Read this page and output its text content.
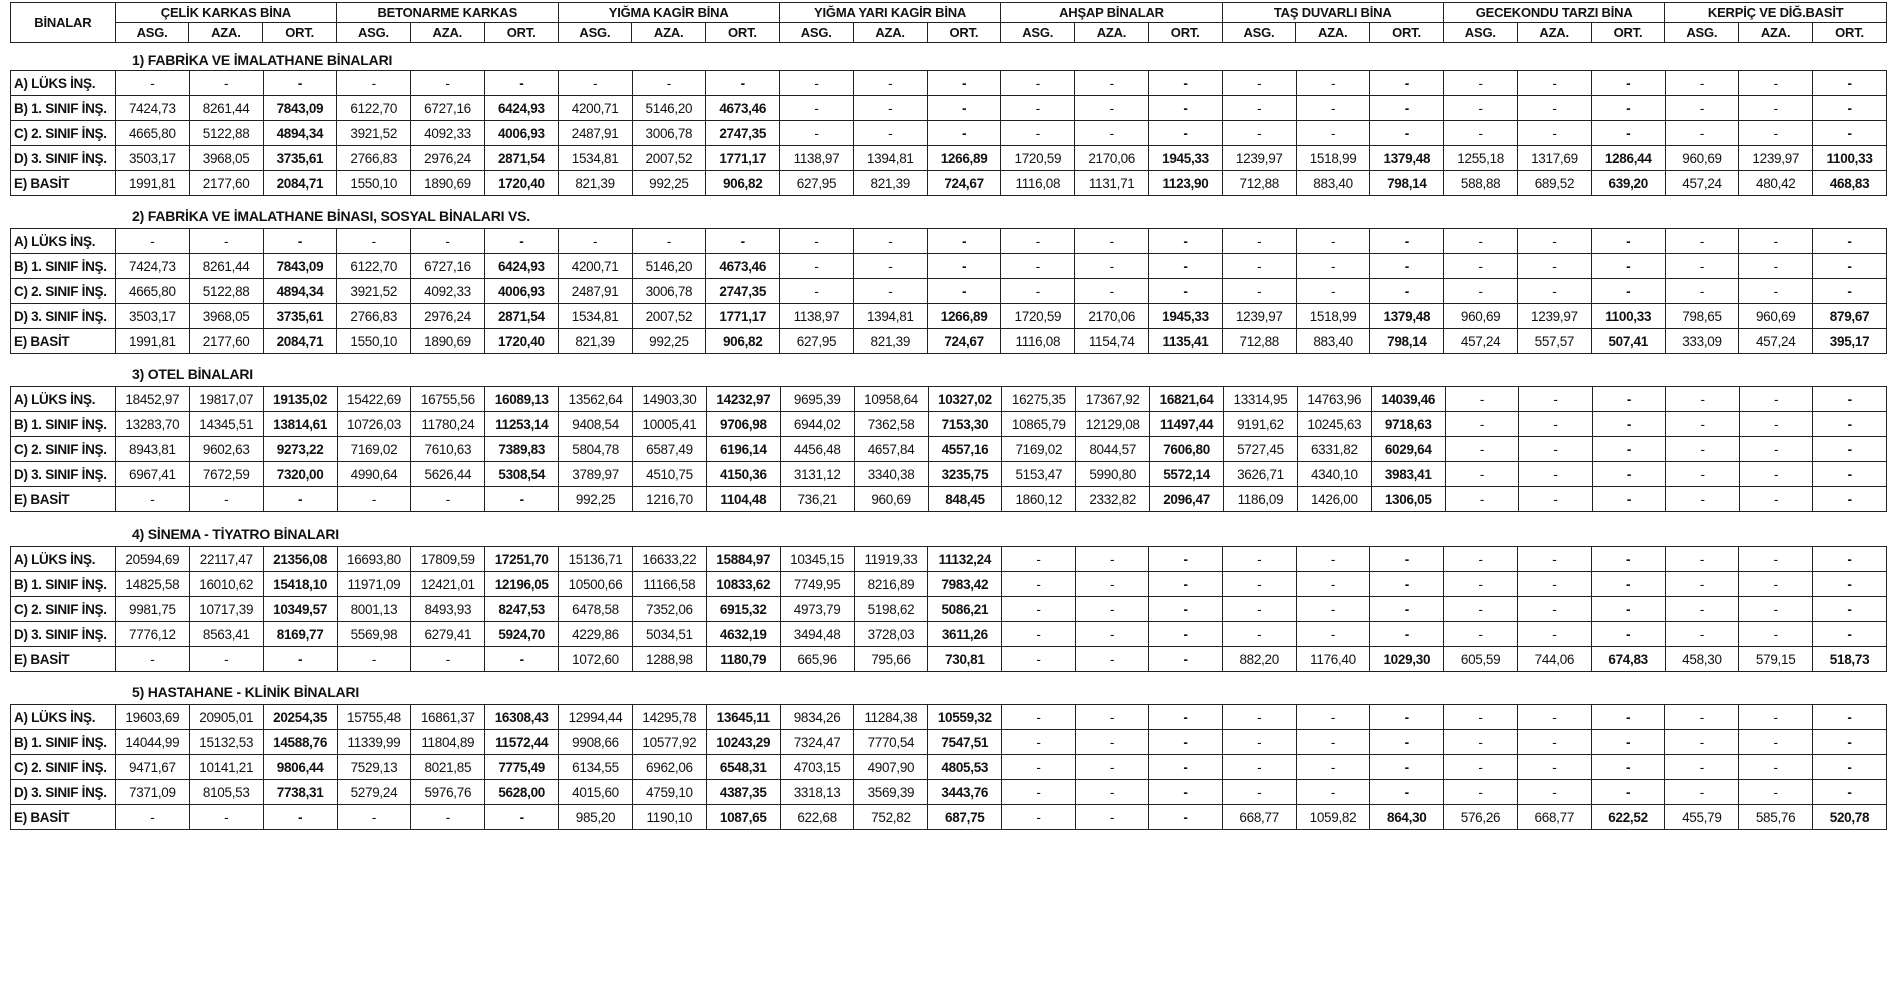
BİNALAR	ÇELİK KARKAS BİNA			BETONARME KARKAS			YIĞMA KAGİR BİNA			YIĞMA YARI KAGİR BİNA			AHŞAP BİNALAR			TAŞ DUVARLI BİNA			GECEKONDU TARZI BİNA			KERPİÇ VE DİĞ.BASİT		
	ASG.	AZA.	ORT.	ASG.	AZA.	ORT.	ASG.	AZA.	ORT.	ASG.	AZA.	ORT.	ASG.	AZA.	ORT.	ASG.	AZA.	ORT.	ASG.	AZA.	ORT.	ASG.	AZA.	ORT.
1) FABRİKA VE İMALATHANE BİNALARI
A) LÜKS İNŞ.	-	-	-	-	-	-	-	-	-	-	-	-	-	-	-	-	-	-	-	-	-	-	-	-
B) 1. SINIF İNŞ.	7424,73	8261,44	7843,09	6122,70	6727,16	6424,93	4200,71	5146,20	4673,46	-	-	-	-	-	-	-	-	-	-	-	-	-	-	-
C) 2. SINIF İNŞ.	4665,80	5122,88	4894,34	3921,52	4092,33	4006,93	2487,91	3006,78	2747,35	-	-	-	-	-	-	-	-	-	-	-	-	-	-	-
D) 3. SINIF İNŞ.	3503,17	3968,05	3735,61	2766,83	2976,24	2871,54	1534,81	2007,52	1771,17	1138,97	1394,81	1266,89	1720,59	2170,06	1945,33	1239,97	1518,99	1379,48	1255,18	1317,69	1286,44	960,69	1239,97	1100,33
E) BASİT	1991,81	2177,60	2084,71	1550,10	1890,69	1720,40	821,39	992,25	906,82	627,95	821,39	724,67	1116,08	1131,71	1123,90	712,88	883,40	798,14	588,88	689,52	639,20	457,24	480,42	468,83
2) FABRİKA VE İMALATHANE BİNASI, SOSYAL BİNALARI VS.
A) LÜKS İNŞ.	-	-	-	-	-	-	-	-	-	-	-	-	-	-	-	-	-	-	-	-	-	-	-	-
B) 1. SINIF İNŞ.	7424,73	8261,44	7843,09	6122,70	6727,16	6424,93	4200,71	5146,20	4673,46	-	-	-	-	-	-	-	-	-	-	-	-	-	-	-
C) 2. SINIF İNŞ.	4665,80	5122,88	4894,34	3921,52	4092,33	4006,93	2487,91	3006,78	2747,35	-	-	-	-	-	-	-	-	-	-	-	-	-	-	-
D) 3. SINIF İNŞ.	3503,17	3968,05	3735,61	2766,83	2976,24	2871,54	1534,81	2007,52	1771,17	1138,97	1394,81	1266,89	1720,59	2170,06	1945,33	1239,97	1518,99	1379,48	960,69	1239,97	1100,33	798,65	960,69	879,67
E) BASİT	1991,81	2177,60	2084,71	1550,10	1890,69	1720,40	821,39	992,25	906,82	627,95	821,39	724,67	1116,08	1154,74	1135,41	712,88	883,40	798,14	457,24	557,57	507,41	333,09	457,24	395,17
3) OTEL BİNALARI
A) LÜKS İNŞ.	18452,97	19817,07	19135,02	15422,69	16755,56	16089,13	13562,64	14903,30	14232,97	9695,39	10958,64	10327,02	16275,35	17367,92	16821,64	13314,95	14763,96	14039,46	-	-	-	-	-	-
B) 1. SINIF İNŞ.	13283,70	14345,51	13814,61	10726,03	11780,24	11253,14	9408,54	10005,41	9706,98	6944,02	7362,58	7153,30	10865,79	12129,08	11497,44	9191,62	10245,63	9718,63	-	-	-	-	-	-
C) 2. SINIF İNŞ.	8943,81	9602,63	9273,22	7169,02	7610,63	7389,83	5804,78	6587,49	6196,14	4456,48	4657,84	4557,16	7169,02	8044,57	7606,80	5727,45	6331,82	6029,64	-	-	-	-	-	-
D) 3. SINIF İNŞ.	6967,41	7672,59	7320,00	4990,64	5626,44	5308,54	3789,97	4510,75	4150,36	3131,12	3340,38	3235,75	5153,47	5990,80	5572,14	3626,71	4340,10	3983,41	-	-	-	-	-	-
E) BASİT	-	-	-	-	-	-	992,25	1216,70	1104,48	736,21	960,69	848,45	1860,12	2332,82	2096,47	1186,09	1426,00	1306,05	-	-	-	-	-	-
4) SİNEMA - TİYATRO BİNALARI
A) LÜKS İNŞ.	20594,69	22117,47	21356,08	16693,80	17809,59	17251,70	15136,71	16633,22	15884,97	10345,15	11919,33	11132,24	-	-	-	-	-	-	-	-	-	-	-	-
B) 1. SINIF İNŞ.	14825,58	16010,62	15418,10	11971,09	12421,01	12196,05	10500,66	11166,58	10833,62	7749,95	8216,89	7983,42	-	-	-	-	-	-	-	-	-	-	-	-
C) 2. SINIF İNŞ.	9981,75	10717,39	10349,57	8001,13	8493,93	8247,53	6478,58	7352,06	6915,32	4973,79	5198,62	5086,21	-	-	-	-	-	-	-	-	-	-	-	-
D) 3. SINIF İNŞ.	7776,12	8563,41	8169,77	5569,98	6279,41	5924,70	4229,86	5034,51	4632,19	3494,48	3728,03	3611,26	-	-	-	-	-	-	-	-	-	-	-	-
E) BASİT	-	-	-	-	-	-	1072,60	1288,98	1180,79	665,96	795,66	730,81	-	-	-	882,20	1176,40	1029,30	605,59	744,06	674,83	458,30	579,15	518,73
5) HASTAHANE - KLİNİK BİNALARI
A) LÜKS İNŞ.	19603,69	20905,01	20254,35	15755,48	16861,37	16308,43	12994,44	14295,78	13645,11	9834,26	11284,38	10559,32	-	-	-	-	-	-	-	-	-	-	-	-
B) 1. SINIF İNŞ.	14044,99	15132,53	14588,76	11339,99	11804,89	11572,44	9908,66	10577,92	10243,29	7324,47	7770,54	7547,51	-	-	-	-	-	-	-	-	-	-	-	-
C) 2. SINIF İNŞ.	9471,67	10141,21	9806,44	7529,13	8021,85	7775,49	6134,55	6962,06	6548,31	4703,15	4907,90	4805,53	-	-	-	-	-	-	-	-	-	-	-	-
D) 3. SINIF İNŞ.	7371,09	8105,53	7738,31	5279,24	5976,76	5628,00	4015,60	4759,10	4387,35	3318,13	3569,39	3443,76	-	-	-	-	-	-	-	-	-	-	-	-
E) BASİT	-	-	-	-	-	-	985,20	1190,10	1087,65	622,68	752,82	687,75	-	-	-	668,77	1059,82	864,30	576,26	668,77	622,52	455,79	585,76	520,78
